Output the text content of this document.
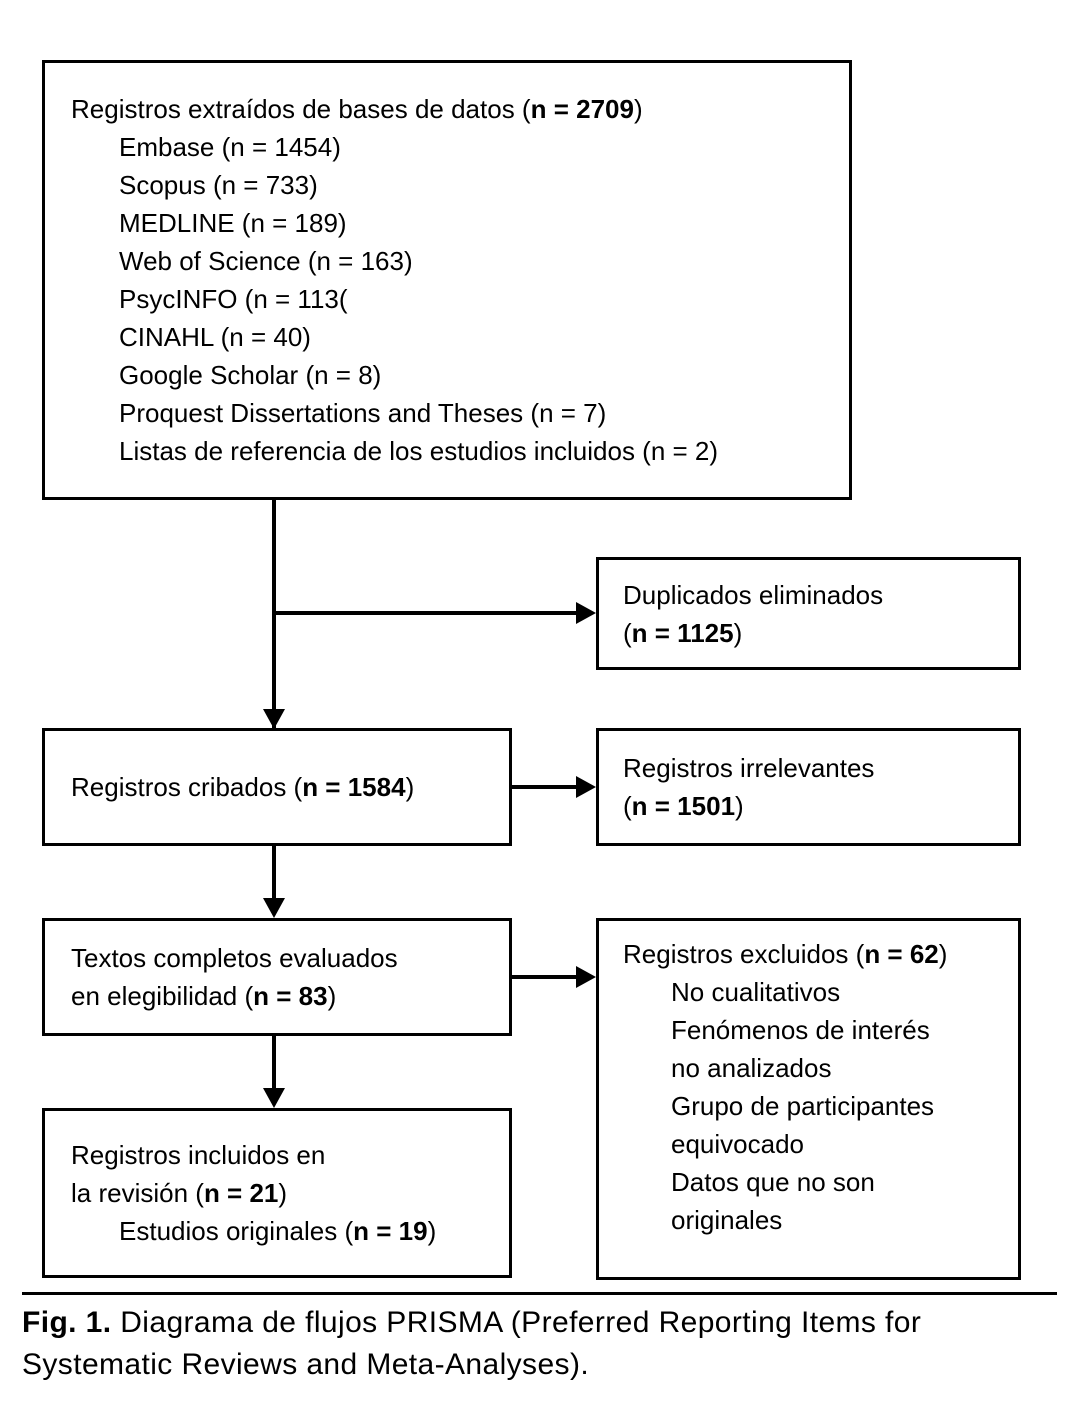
Registros extraídos de bases de datos (n = 2709)
Embase (n = 1454)
Scopus (n = 733)
MEDLINE (n = 189)
Web of Science (n = 163)
PsycINFO (n = 113(
CINAHL (n = 40)
Google Scholar (n = 8)
Proquest Dissertations and Theses (n = 7)
Listas de referencia de los estudios incluidos (n = 2)
Duplicados eliminados
(n = 1125)
Registros cribados (n = 1584)
Registros irrelevantes
(n = 1501)
Textos completos evaluados
en elegibilidad (n = 83)
Registros excluidos (n = 62)
No cualitativos
Fenómenos de interés
no analizados
Grupo de participantes
equivocado
Datos que no son
originales
Registros incluidos en
la revisión (n = 21)
Estudios originales (n = 19)
Fig. 1. Diagrama de flujos PRISMA (Preferred Reporting Items for Systematic Reviews and Meta-Analyses).
